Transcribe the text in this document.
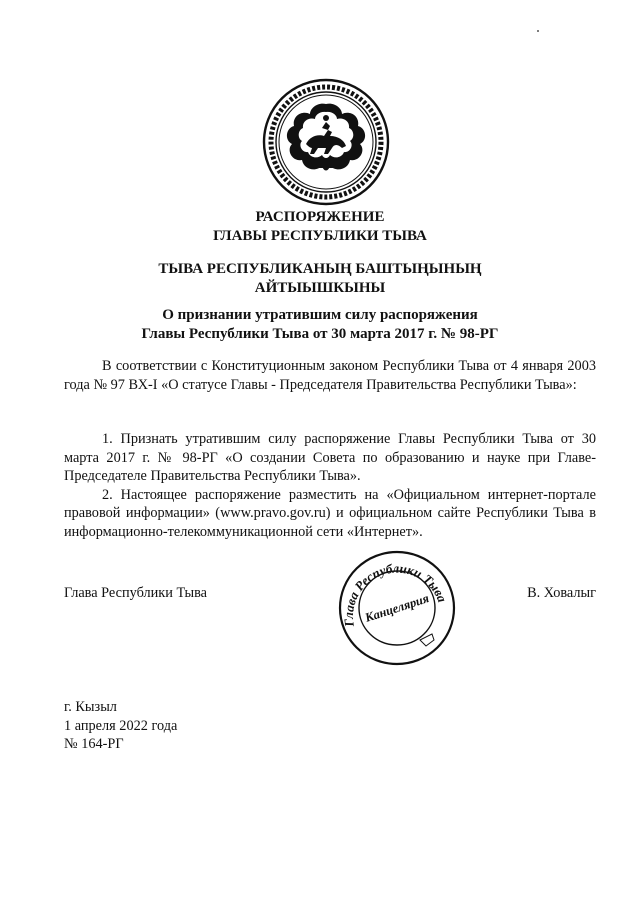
РАСПОРЯЖЕНИЕ
ГЛАВЫ РЕСПУБЛИКИ ТЫВА
ТЫВА РЕСПУБЛИКАНЫҢ БАШТЫҢЫНЫҢ
АЙТЫЫШКЫНЫ
О признании утратившим силу распоряжения
Главы Республики Тыва от 30 марта 2017 г. № 98-РГ
В соответствии с Конституционным законом Республики Тыва от 4 января 2003 года № 97 ВХ-I «О статусе Главы - Председателя Правительства Республики Тыва»:
1. Признать утратившим силу распоряжение Главы Республики Тыва от 30 марта 2017 г. № 98-РГ «О создании Совета по образованию и науке при Главе- Председателе Правительства Республики Тыва».
2. Настоящее распоряжение разместить на «Официальном интернет-портале правовой информации» (www.pravo.gov.ru) и официальном сайте Республики Тыва в информационно-телекоммуникационной сети «Интернет».
Глава Республики Тыва	В. Ховалыг
Глава Республики Тыва
Канцелярия
г. Кызыл
1 апреля 2022 года
№ 164-РГ
